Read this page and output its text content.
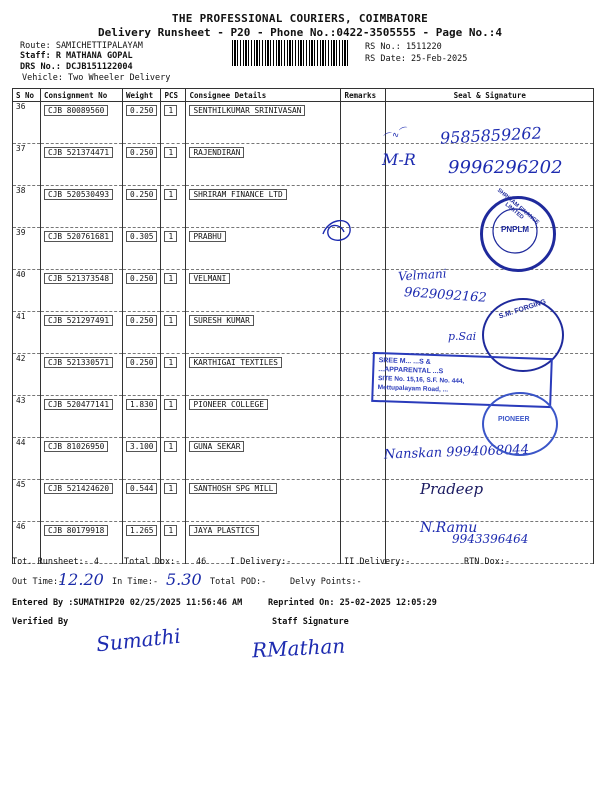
THE PROFESSIONAL COURIERS, COIMBATORE
Delivery Runsheet - P20 - Phone No.:0422-3505555 - Page No.:4
Route: SAMICHETTIPALAYAM
Staff: R MATHANA GOPAL
DRS No.: DCJB151122004
Vehicle: Two Wheeler Delivery
RS No.: 1511220
RS Date: 25-Feb-2025
S No	Consignment No	Weight	PCS	Consignee Details	Remarks	Seal & Signature
36	CJB 80089560	0.250	1	SENTHILKUMAR SRINIVASAN		
37	CJB 521374471	0.250	1	RAJENDIRAN		
38	CJB 520530493	0.250	1	SHRIRAM FINANCE LTD		
39	CJB 520761681	0.305	1	PRABHU		
40	CJB 521373548	0.250	1	VELMANI		
41	CJB 521297491	0.250	1	SURESH KUMAR		
42	CJB 521330571	0.250	1	KARTHIGAI TEXTILES		
43	CJB 520477141	1.830	1	PIONEER COLLEGE		
44	CJB 81026950	3.100	1	GUNA SEKAR		
45	CJB 521424620	0.544	1	SANTHOSH SPG MILL		
46	CJB 80179918	1.265	1	JAYA PLASTICS		
9585859262
⌒∿⌒
M-R 9996296202
Velmani
9629092162
p.Sai
Nanskan 9994068044
Pradeep
N.Ramu
9943396464
SHRIRAM FINANCE LIMITED
PNPLM
S.M. FORGING
SREE M... ...S &
...APPARENTAL ...S
SITE No. 15,16, S.F. No. 444,
Mettupalayam Road, ...
PIONEER
Tot. Runsheet:- 4	Total Dox:- 46	I Delivery:-	II Delivery:-	RTN Dox:-
Out Time:-
12.20 In Time:- 5.30 Total POD:-	Delvy Points:-
Entered By :SUMATHIP20 02/25/2025 11:56:46 AM	Reprinted On: 25-02-2025 12:05:29
Verified By	Staff Signature
Sumathi	RMathan
